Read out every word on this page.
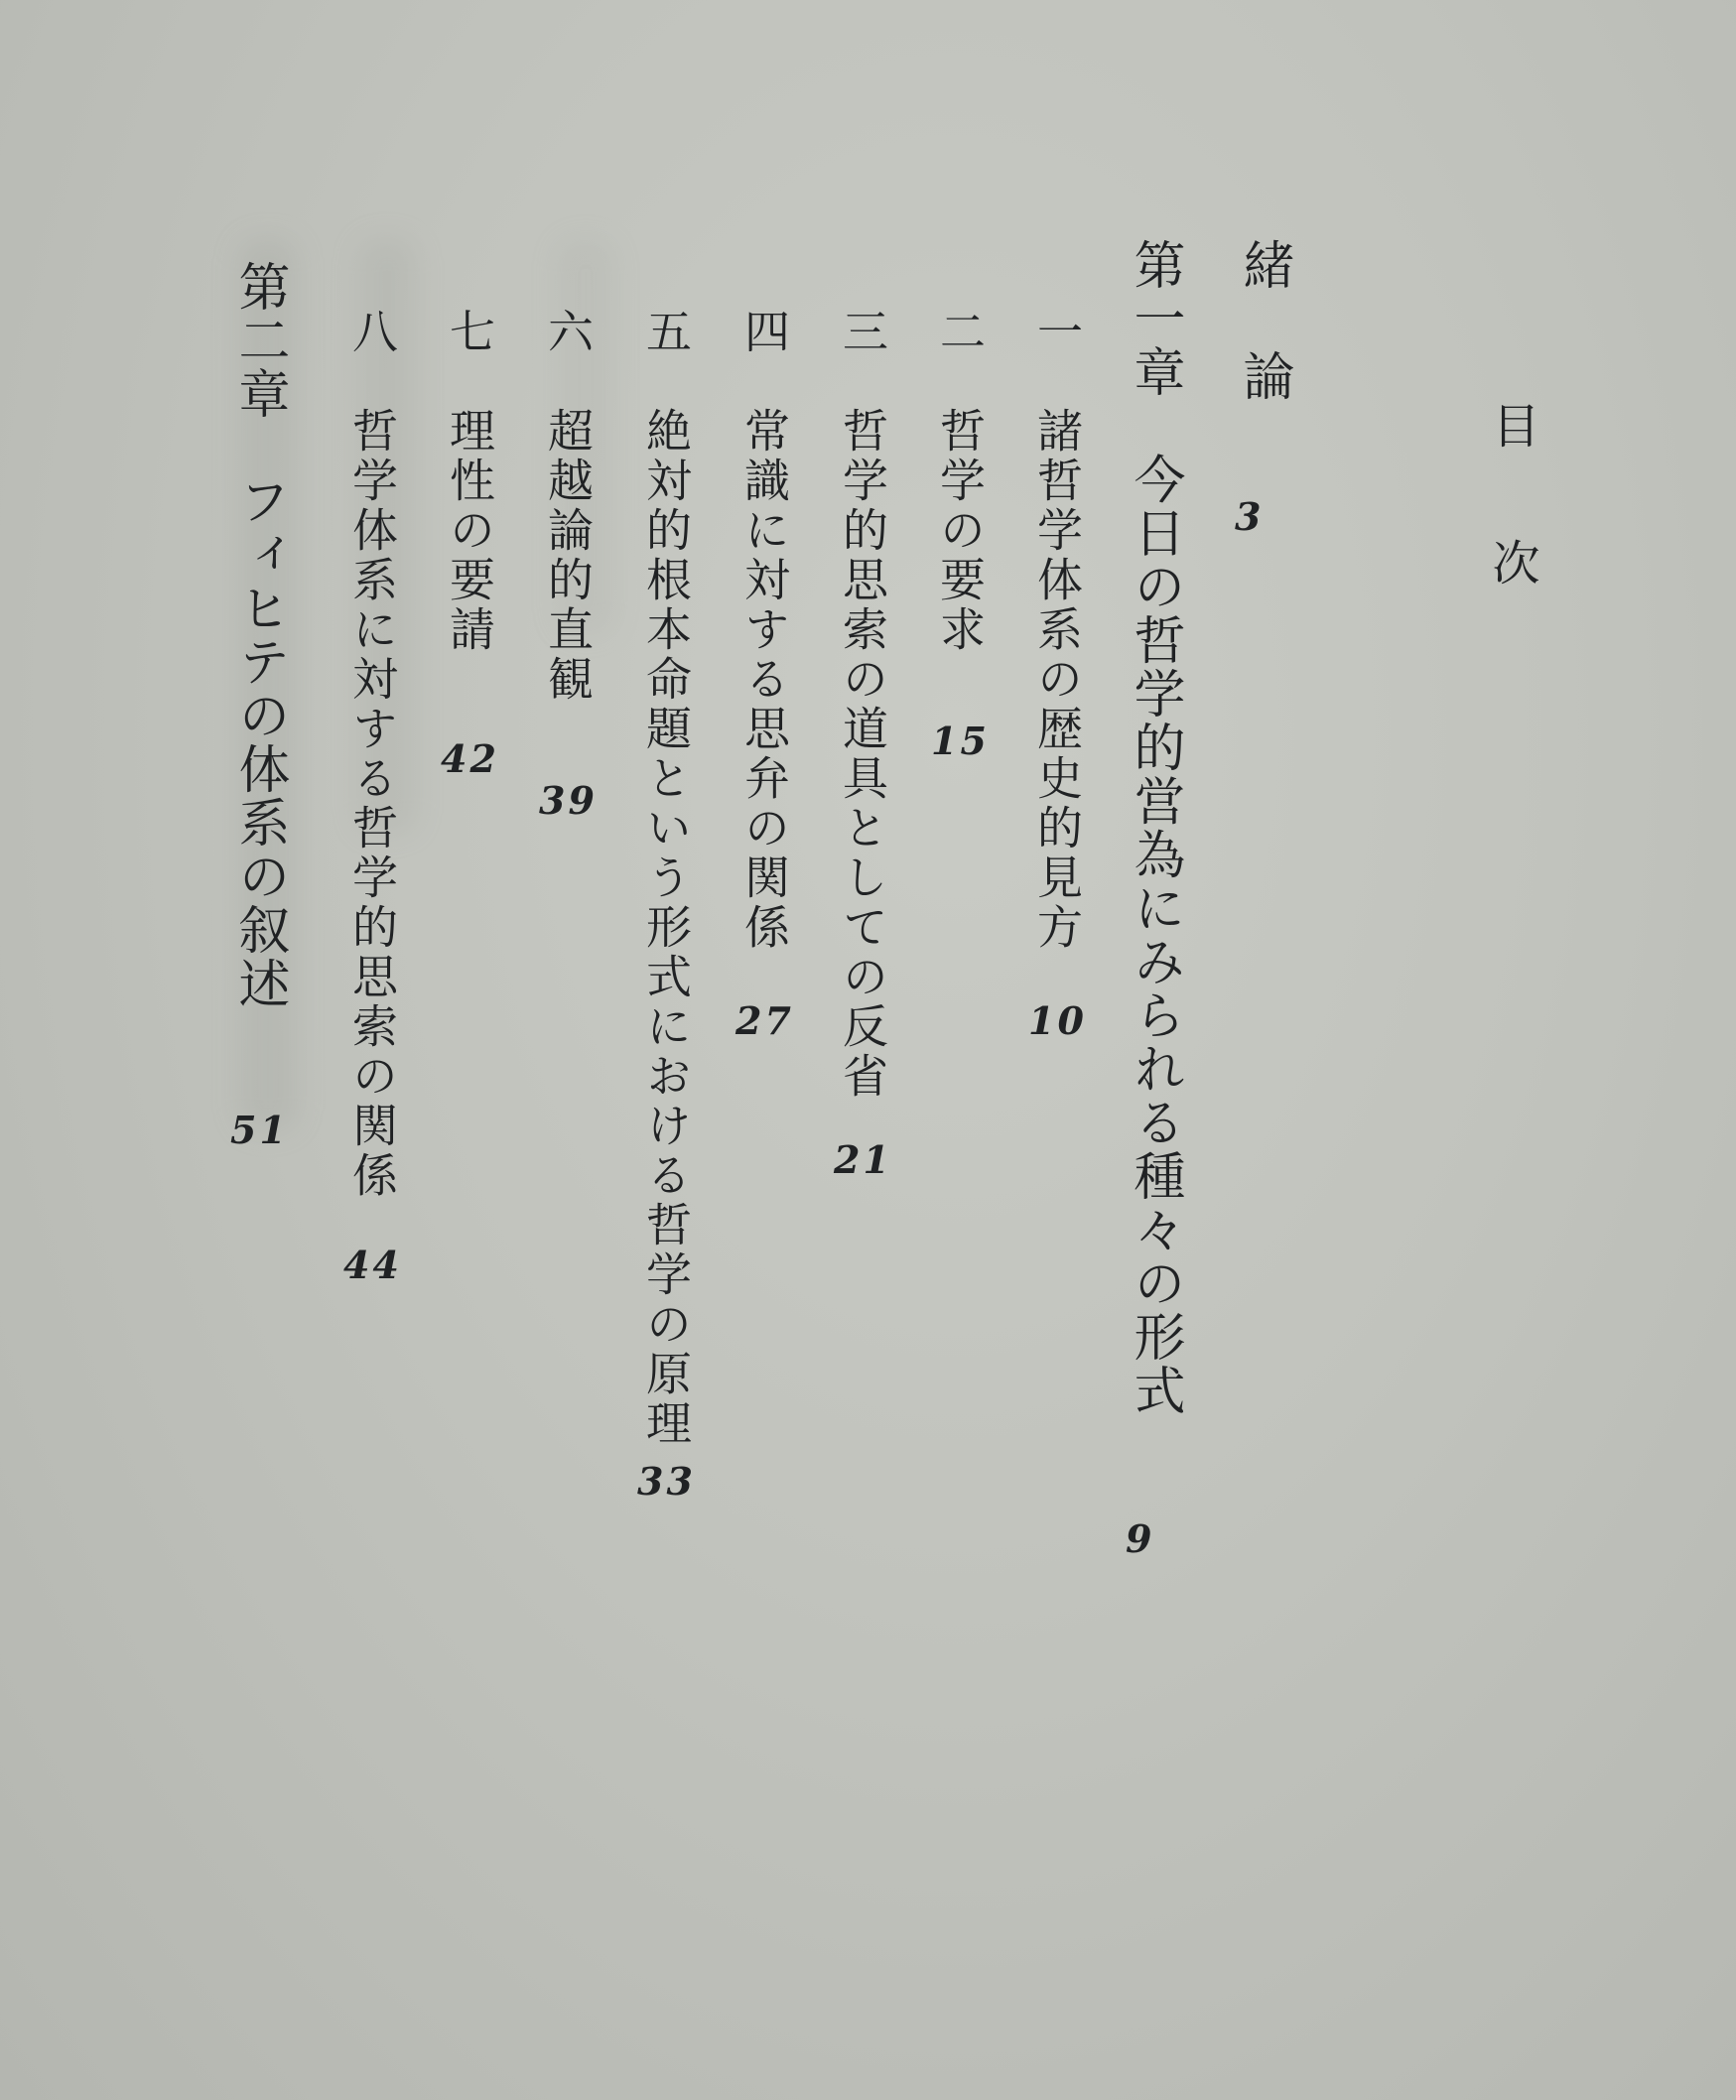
目次
緒　論
3
第一章　今日の哲学的営為にみられる種々の形式
9
一　諸哲学体系の歴史的見方
10
二　哲学の要求
15
三　哲学的思索の道具としての反省
21
四　常識に対する思弁の関係
27
五　絶対的根本命題という形式における哲学の原理
33
六　超越論的直観
39
七　理性の要請
42
八　哲学体系に対する哲学的思索の関係
44
第二章　フィヒテの体系の叙述
51
